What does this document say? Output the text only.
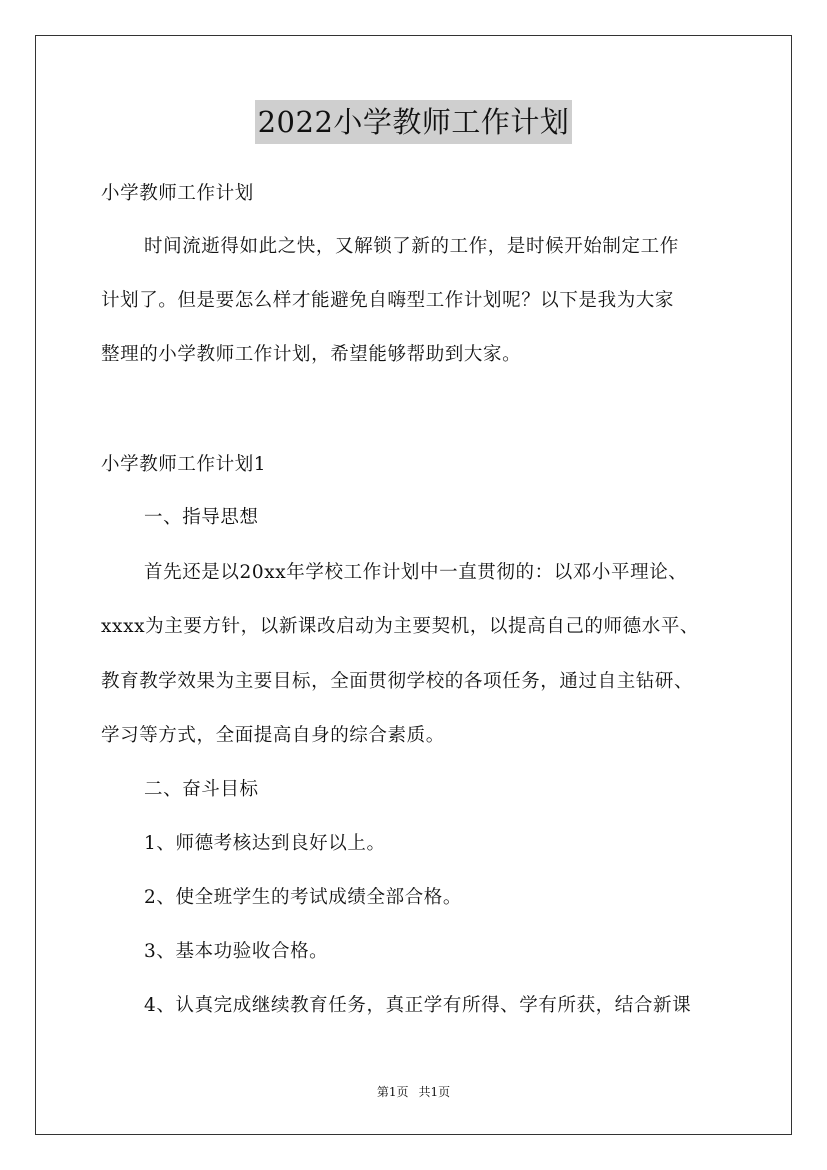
2022小学教师工作计划
小学教师工作计划
时间流逝得如此之快，又解锁了新的工作，是时候开始制定工作
计划了。但是要怎么样才能避免自嗨型工作计划呢？以下是我为大家
整理的小学教师工作计划，希望能够帮助到大家。
小学教师工作计划1
一、指导思想
首先还是以20xx年学校工作计划中一直贯彻的：以邓小平理论、
xxxx为主要方针，以新课改启动为主要契机，以提高自己的师德水平、
教育教学效果为主要目标，全面贯彻学校的各项任务，通过自主钻研、
学习等方式，全面提高自身的综合素质。
二、奋斗目标
1、师德考核达到良好以上。
2、使全班学生的考试成绩全部合格。
3、基本功验收合格。
4、认真完成继续教育任务，真正学有所得、学有所获，结合新课
第1页 共1页
